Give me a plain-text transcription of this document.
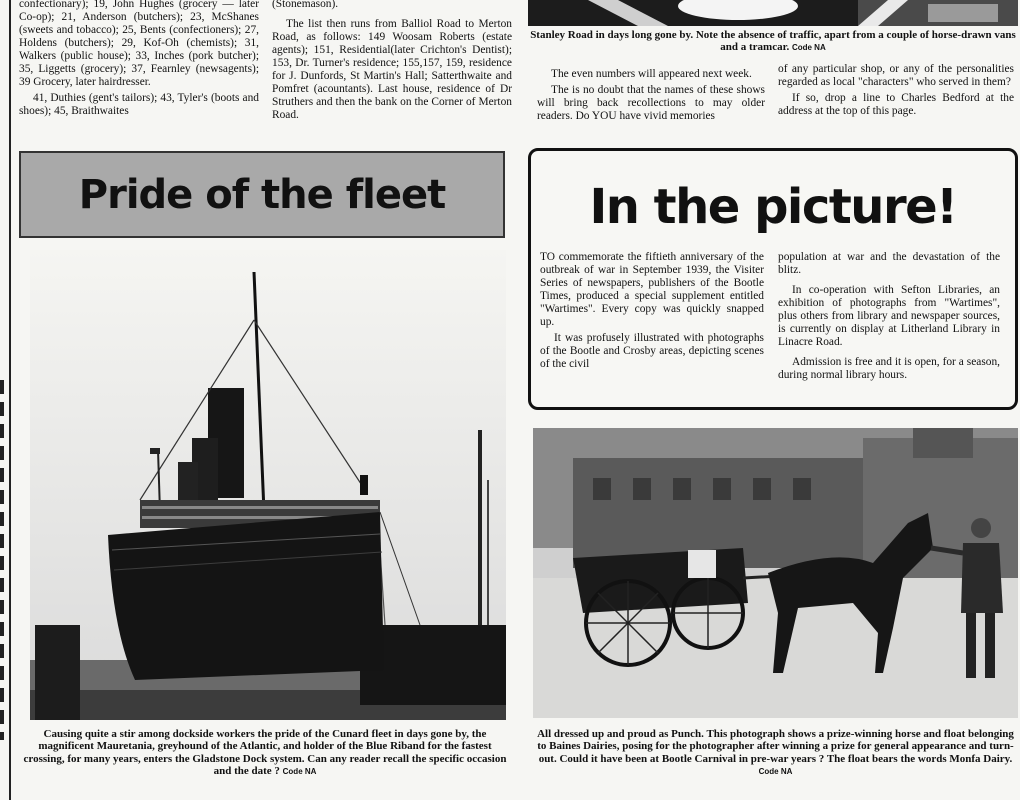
confectionary); 19, John Hughes (grocery — later Co-op); 21, Anderson (butchers); 23, McShanes (sweets and tobacco); 25, Bents (confectioners); 27, Holdens (butchers); 29, Kof-Oh (chemists); 31, Walkers (public house); 33, Inches (pork butcher); 35, Liggetts (grocery); 37, Fearnley (newsagents); 39 Grocery, later hairdresser.

41, Duthies (gent's tailors); 43, Tyler's (boots and shoes); 45, Braithwaites

(Stonemason).

The list then runs from Balliol Road to Merton Road, as follows: 149 Woosam Roberts (estate agents); 151, Residential(later Crichton's Dentist); 153, Dr. Turner's residence; 155,157, 159, residence for J. Dunfords, St Martin's Hall; Satterthwaite and Pomfret (acountants). Last house, residence of Dr Struthers and then the bank on the Corner of Merton Road.

Stanley Road in days long gone by. Note the absence of traffic, apart from a couple of horse-drawn vans and a tramcar. Code NA

The even numbers will appeared next week.

The is no doubt that the names of these shows will bring back recollections to may older readers. Do YOU have vivid memories

of any particular shop, or any of the personalities regarded as local "characters" who served in them?

If so, drop a line to Charles Bedford at the address at the top of this page.

Pride of the fleet
Causing quite a stir among dockside workers the pride of the Cunard fleet in days gone by, the magnificent Mauretania, greyhound of the Atlantic, and holder of the Blue Riband for the fastest crossing, for many years, enters the Gladstone Dock system. Can any reader recall the specific occasion and the date ? Code NA
In the picture!

TO commemorate the fiftieth anniversary of the outbreak of war in September 1939, the Visiter Series of newspapers, publishers of the Bootle Times, produced a special supplement entitled "Wartimes". Every copy was quickly snapped up.

It was profusely illustrated with photographs of the Bootle and Crosby areas, depicting scenes of the civil

population at war and the devastation of the blitz.

In co-operation with Sefton Libraries, an exhibition of photographs from "Wartimes", plus others from library and newspaper sources, is currently on display at Litherland Library in Linacre Road.

Admission is free and it is open, for a season, during normal library hours.

All dressed up and proud as Punch. This photograph shows a prize-winning horse and float belonging to Baines Dairies, posing for the photographer after winning a prize for general appearance and turn-out. Could it have been at Bootle Carnival in pre-war years ? The float bears the words Monfa Dairy. Code NA
